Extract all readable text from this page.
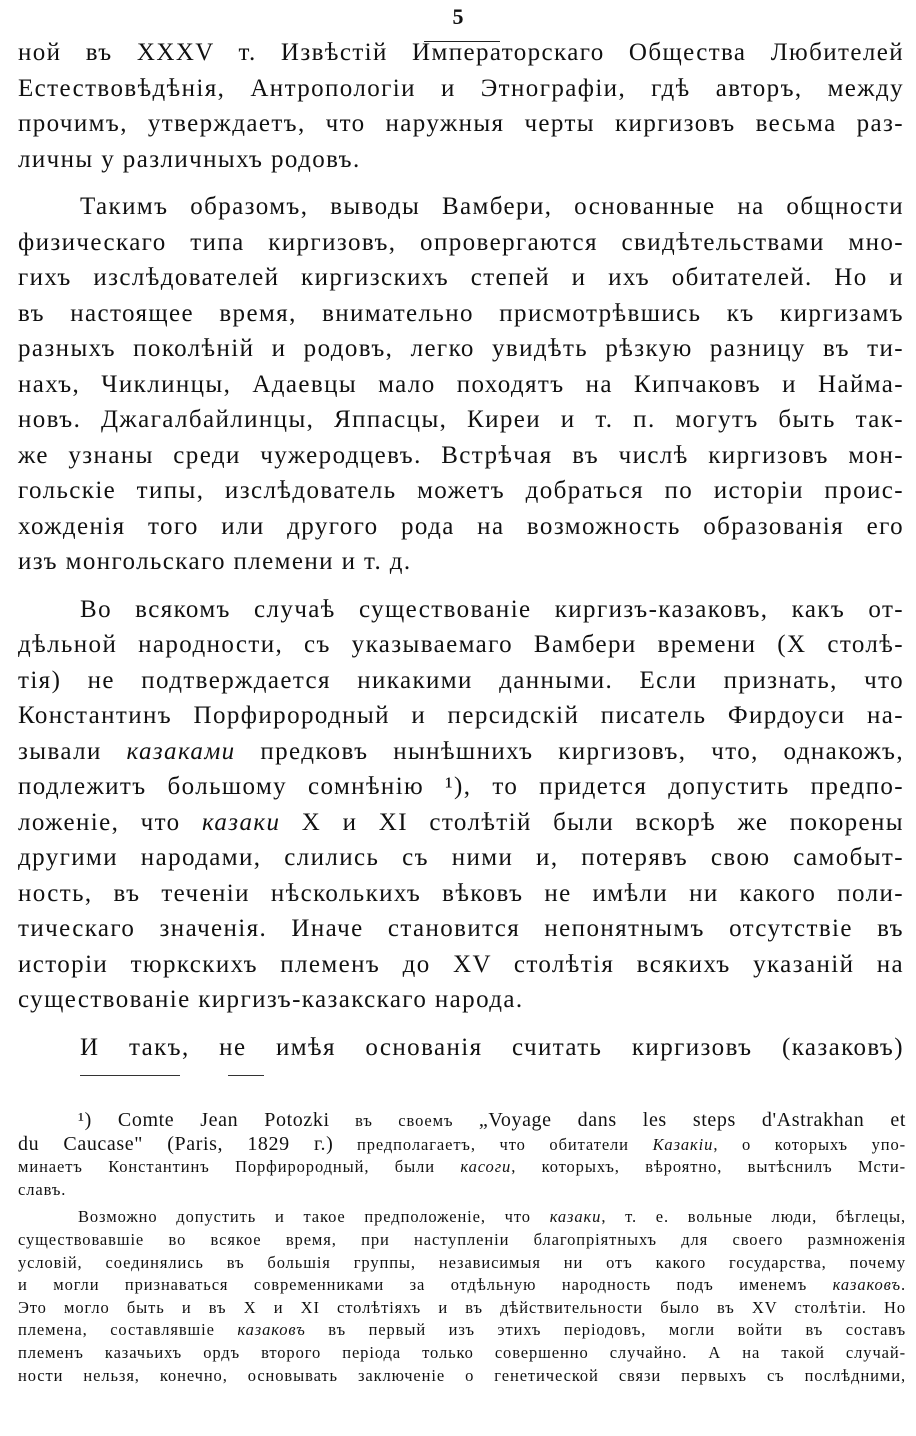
5
ной въ XXXV т. Извѣстій Императорскаго Общества Любителей
Естествовѣдѣнія, Антропологіи и Этнографіи, гдѣ авторъ, между
прочимъ, утверждаетъ, что наружныя черты киргизовъ весьма раз-
личны у различныхъ родовъ.
Такимъ образомъ, выводы Вамбери, основанные на общности
физическаго типа киргизовъ, опровергаются свидѣтельствами мно-
гихъ изслѣдователей киргизскихъ степей и ихъ обитателей. Но и
въ настоящее время, внимательно присмотрѣвшись къ киргизамъ
разныхъ поколѣній и родовъ, легко увидѣть рѣзкую разницу въ ти-
нахъ, Чиклинцы, Адаевцы мало походятъ на Кипчаковъ и Найма-
новъ. Джагалбайлинцы, Яппасцы, Киреи и т. п. могутъ быть так-
же узнаны среди чужеродцевъ. Встрѣчая въ числѣ киргизовъ мон-
гольскіе типы, изслѣдователь можетъ добраться по исторіи проис-
хожденія того или другого рода на возможность образованія его
изъ монгольскаго племени и т. д.
Во всякомъ случаѣ существованіе киргизъ-казаковъ, какъ от-
дѣльной народности, съ указываемаго Вамбери времени (X столѣ-
тія) не подтверждается никакими данными. Если признать, что
Константинъ Порфирородный и персидскій писатель Фирдоуси на-
зывали казаками предковъ нынѣшнихъ киргизовъ, что, однакожъ,
подлежитъ большому сомнѣнію ¹), то придется допустить предпо-
ложеніе, что казаки X и XI столѣтій были вскорѣ же покорены
другими народами, слились съ ними и, потерявъ свою самобыт-
ность, въ теченіи нѣсколькихъ вѣковъ не имѣли ни какого поли-
тическаго значенія. Иначе становится непонятнымъ отсутствіе въ
исторіи тюркскихъ племенъ до XV столѣтія всякихъ указаній на
существованіе киргизъ-казакскаго народа.
И такъ, не имѣя основанія считать киргизовъ (казаковъ)
¹) Comte Jean Potozki въ своемъ „Voyage dans les steps d'Astrakhan et
du Caucase" (Paris, 1829 г.) предполагаетъ, что обитатели Казакіи, о которыхъ упо-
минаетъ Константинъ Порфирородный, были касоги, которыхъ, вѣроятно, вытѣснилъ Мсти-
славъ.
Возможно допустить и такое предположеніе, что казаки, т. е. вольные люди, бѣглецы,
существовавшіе во всякое время, при наступленіи благопріятныхъ для своего размноженія
условій, соединялись въ большія группы, независимыя ни отъ какого государства, почему
и могли признаваться современниками за отдѣльную народность подъ именемъ казаковъ.
Это могло быть и въ X и XI столѣтіяхъ и въ дѣйствительности было въ XV столѣтіи. Но
племена, составлявшіе казаковъ въ первый изъ этихъ періодовъ, могли войти въ составъ
племенъ казачьихъ ордъ второго періода только совершенно случайно. А на такой случай-
ности нельзя, конечно, основывать заключеніе о генетической связи первыхъ съ послѣдними,
